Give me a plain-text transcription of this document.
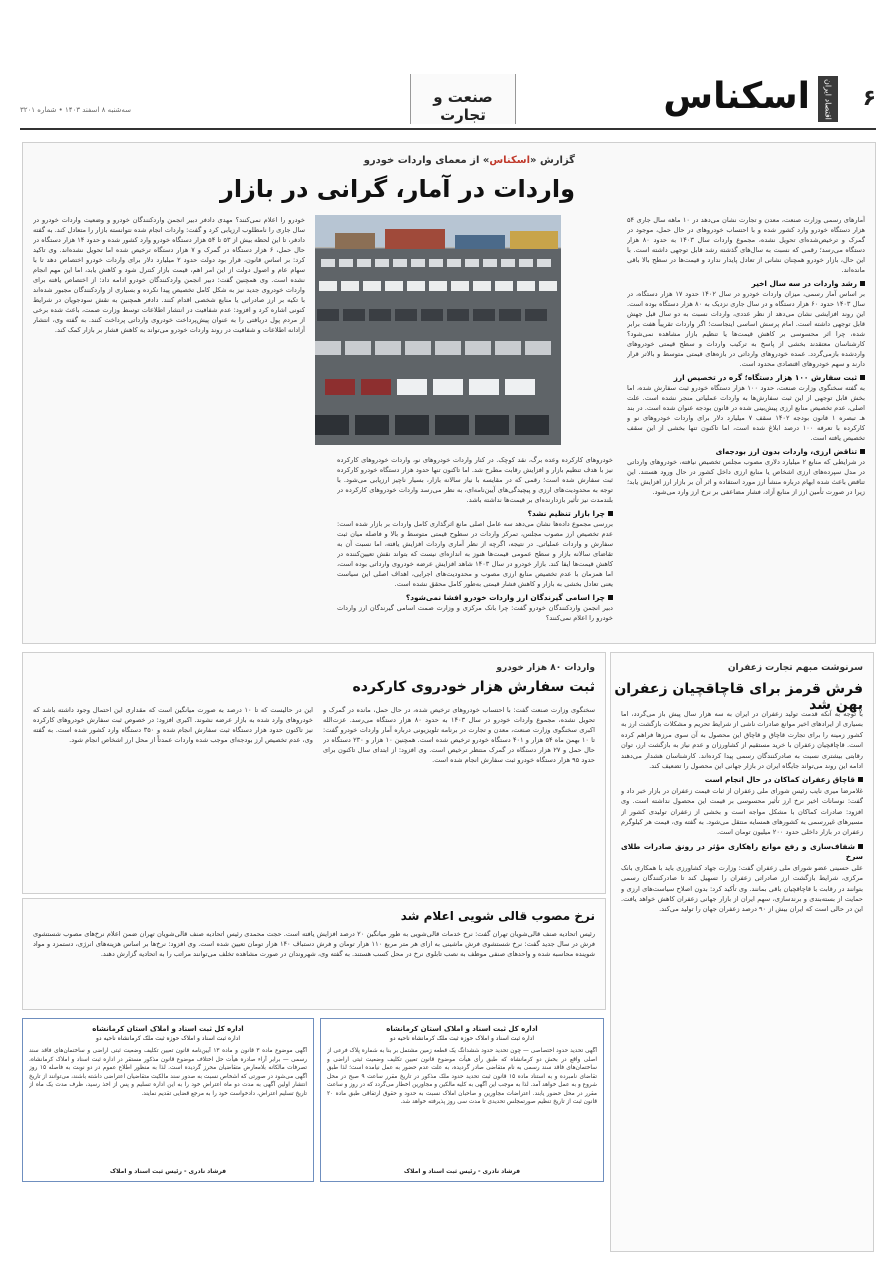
۶
اقتصاد ایران
اسکناس
صنعت و تجارت
سه‌شنبه ۸ اسفند ۱۴۰۳ • شماره ۳۲۰۱
گزارش «اسکناس» از معمای واردات خودرو
واردات در آمار، گرانی در بازار
آمارهای رسمی وزارت صنعت، معدن و تجارت نشان می‌دهد در ۱۰ ماهه سال جاری ۵۴ هزار دستگاه خودرو وارد کشور شده و با احتساب خودروهای در حال حمل، موجود در گمرک و ترخیص‌شده‌ای تحویل نشده، مجموع واردات سال ۱۴۰۳ به حدود ۸۰ هزار دستگاه می‌رسد؛ رقمی که نسبت به سال‌های گذشته رشد قابل توجهی داشته است. با این حال، بازار خودرو همچنان نشانی از تعادل پایدار ندارد و قیمت‌ها در سطح بالا باقی مانده‌اند.
رشد واردات در سه سال اخیر
بر اساس آمار رسمی، میزان واردات خودرو در سال ۱۴۰۲ حدود ۱۷ هزار دستگاه، در سال ۱۴۰۳ حدود ۶۰ هزار دستگاه و در سال جاری نزدیک به ۸۰ هزار دستگاه بوده است. این روند افزایشی نشان می‌دهد از نظر عددی، واردات نسبت به دو سال قبل جهش قابل توجهی داشته است. امام پرسش اساسی اینجاست؛ اگر واردات تقریباً هفت برابر شده، چرا اثر محسوسی بر کاهش قیمت‌ها یا تنظیم بازار مشاهده نمی‌شود؟ کارشناسان معتقدند بخشی از پاسخ به ترکیب واردات و سطح قیمتی خودروهای واردشده بازمی‌گردد. عمده خودروهای وارداتی در بازه‌های قیمتی متوسط و بالاتر قرار دارند و سهم خودروهای اقتصادی محدود است.
ثبت سفارش ۱۰۰ هزار دستگاه؛ گره در تخصیص ارز
به گفته سخنگوی وزارت صنعت، حدود ۱۰۰ هزار دستگاه خودرو ثبت سفارش شده، اما بخش قابل توجهی از این ثبت سفارش‌ها به واردات عملیاتی منجر نشده است. علت اصلی، عدم تخصیص منابع ارزی پیش‌بینی شده در قانون بودجه عنوان شده است. در بند هـ تبصره ۱ قانون بودجه ۱۴۰۲ سقف ۷ میلیارد دلار برای واردات خودروهای نو و کارکرده با تعرفه ۱۰۰ درصد ابلاغ شده است، اما تاکنون تنها بخشی از این سقف تخصیص یافته است.
تناقض ارزی، واردات بدون ارز بودجه‌ای
در شرایطی که منابع ۲ میلیارد دلاری مصوب مجلس تخصیص نیافته، خودروهای وارداتی در مدل سپرده‌های ارزی اشخاص یا منابع ارزی داخل کشور در حال ورود هستند. این تناقض باعث شده ابهام درباره منشأ ارز مورد استفاده و اثر آن بر بازار ارز افزایش یابد؛ زیرا در صورت تأمین ارز از منابع آزاد، فشار مضاعفی بر نرخ ارز وارد می‌شود.
خودروهای کارکرده وعده برگ، نقد کوچک. در کنار واردات خودروهای نو، واردات خودروهای کارکرده نیز با هدف تنظیم بازار و افزایش رقابت مطرح شد. اما تاکنون تنها حدود هزار دستگاه خودرو کارکرده ثبت سفارش شده است؛ رقمی که در مقایسه با نیاز سالانه بازار، بسیار ناچیز ارزیابی می‌شود. با توجه به محدودیت‌های ارزی و پیچیدگی‌های آیین‌نامه‌ای، به نظر می‌رسد واردات خودروهای کارکرده در بلندمدت نیز تأثیر بازدارنده‌ای بر قیمت‌ها نداشته باشد.
چرا بازار تنظیم نشد؟
بررسی مجموع داده‌ها نشان می‌دهد سه عامل اصلی مانع اثرگذاری کامل واردات بر بازار شده است: عدم تخصیص ارز مصوب مجلس، تمرکز واردات در سطوح قیمتی متوسط و بالا و فاصله میان ثبت سفارش و واردات عملیاتی. در نتیجه، اگرچه از نظر آماری واردات افزایش یافته، اما نسبت آن به تقاضای سالانه بازار و سطح عمومی قیمت‌ها هنوز به اندازه‌ای نیست که بتواند نقش تعیین‌کننده در کاهش قیمت‌ها ایفا کند. بازار خودرو در سال ۱۴۰۳ شاهد افزایش عرضه خودروی وارداتی بوده است، اما همزمان با عدم تخصیص منابع ارزی مصوب و محدودیت‌های اجرایی، اهداف اصلی این سیاست یعنی تعادل بخشی به بازار و کاهش فشار قیمتی به‌طور کامل محقق نشده است.
چرا اسامی گیرندگان ارز واردات خودرو افشا نمی‌شود؟
دبیر انجمن واردکنندگان خودرو گفت: چرا بانک مرکزی و وزارت صمت اسامی گیرندگان ارز واردات خودرو را اعلام نمی‌کنند؟
خودرو را اعلام نمی‌کنند؟ مهدی دادفر دبیر انجمن واردکنندگان خودرو و وضعیت واردات خودرو در سال جاری را نامطلوب ارزیابی کرد و گفت: واردات انجام شده نتوانسته بازار را متعادل کند. به گفته دادفر، تا این لحظه بیش از ۵۳ تا ۵۴ هزار دستگاه خودرو وارد کشور شده و حدود ۱۴ هزار دستگاه در حال حمل، ۶ هزار دستگاه در گمرک و ۷ هزار دستگاه ترخیص شده اما تحویل نشده‌اند. وی تاکید کرد: بر اساس قانون، قرار بود دولت حدود ۲ میلیارد دلار برای واردات خودرو اختصاص دهد تا با سهام عام و اصول دولت از این امر اهم، قیمت بازار کنترل شود و کاهش یابد، اما این مهم انجام نشده است. وی همچنین گفت: دبیر انجمن واردکنندگان خودرو ادامه داد: از اختصاص یافته برای واردات خودروی جدید نیز به شکل کامل تخصیص پیدا نکرده و بسیاری از واردکنندگان مجبور شده‌اند با تکیه بر ارز صادراتی یا منابع شخصی اقدام کنند. دادفر همچنین به نقش سودجویان در شرایط کنونی اشاره کرد و افزود: عدم شفافیت در انتشار اطلاعات توسط وزارت صمت، باعث شده برخی از مردم پول دریافتی را به عنوان پیش‌پرداخت خودروی وارداتی پرداخت کنند. به گفته وی، انتشار آزادانه اطلاعات و شفافیت در روند واردات خودرو می‌تواند به کاهش فشار بر بازار کمک کند.
سرنوشت مبهم تجارت زعفران
فرش قرمز برای قاچاقچیان زعفران پهن شد
با توجه به آنکه قدمت تولید زعفران در ایران به سه هزار سال پیش باز می‌گردد، اما بسیاری از ایرادهای اخیر موانع صادرات ناشی از شرایط تحریم و مشکلات بازگشت ارز به کشور زمینه را برای تجارت قاچاق و قاچاق این محصول به آن سوی مرزها فراهم کرده است. قاچاقچیان زعفران با خرید مستقیم از کشاورزان و عدم نیاز به بازگشت ارز، توان رقابتی بیشتری نسبت به صادرکنندگان رسمی پیدا کرده‌اند. کارشناسان هشدار می‌دهند ادامه این روند می‌تواند جایگاه ایران در بازار جهانی این محصول را تضعیف کند.
قاچاق زعفران کماکان در حال انجام است
غلامرضا میری نایب رئیس شورای ملی زعفران از ثبات قیمت زعفران در بازار خبر داد و گفت: نوسانات اخیر نرخ ارز تأثیر محسوسی بر قیمت این محصول نداشته است. وی افزود: صادرات کماکان با مشکل مواجه است و بخشی از زعفران تولیدی کشور از مسیرهای غیررسمی به کشورهای همسایه منتقل می‌شود. به گفته وی، قیمت هر کیلوگرم زعفران در بازار داخلی حدود ۲۰۰ میلیون تومان است.
شفاف‌سازی و رفع موانع راهکاری مؤثر در رونق صادرات طلای سرخ
علی حسینی عضو شورای ملی زعفران گفت: وزارت جهاد کشاورزی باید با همکاری بانک مرکزی، شرایط بازگشت ارز صادراتی زعفران را تسهیل کند تا صادرکنندگان رسمی بتوانند در رقابت با قاچاقچیان باقی بمانند. وی تأکید کرد: بدون اصلاح سیاست‌های ارزی و حمایت از بسته‌بندی و برندسازی، سهم ایران از بازار جهانی زعفران کاهش خواهد یافت. این در حالی است که ایران بیش از ۹۰ درصد زعفران جهان را تولید می‌کند.
واردات ۸۰ هزار خودرو
ثبت سفارش هزار خودروی کارکرده
سخنگوی وزارت صنعت گفت: با احتساب خودروهای ترخیص شده، در حال حمل، مانده در گمرک و تحویل نشده، مجموع واردات خودرو در سال ۱۴۰۳ به حدود ۸۰ هزار دستگاه می‌رسد. عزت‌الله اکبری سخنگوی وزارت صنعت، معدن و تجارت در برنامه تلویزیونی درباره آمار واردات خودرو گفت: تا ۱۰ بهمن ماه ۵۴ هزار و ۴۰۱ دستگاه خودرو ترخیص شده است. همچنین ۱۰ هزار و ۲۳۰ دستگاه در حال حمل و ۲۷ هزار دستگاه در گمرک منتظر ترخیص است. وی افزود: از ابتدای سال تاکنون برای حدود ۹۵ هزار دستگاه خودرو ثبت سفارش انجام شده است.
این در حالیست که تا ۱۰ درصد به صورت میانگین است که مقداری این احتمال وجود داشته باشد که خودروهای وارد شده به بازار عرضه نشوند. اکبری افزود: در خصوص ثبت سفارش خودروهای کارکرده نیز تاکنون حدود هزار دستگاه ثبت سفارش انجام شده و ۳۵۰ دستگاه وارد کشور شده است. به گفته وی، عدم تخصیص ارز بودجه‌ای موجب شده واردات عمدتاً از محل ارز اشخاص انجام شود.
نرخ مصوب قالی شویی اعلام شد
رئیس اتحادیه صنف قالی‌شویان تهران گفت: نرخ خدمات قالی‌شویی به طور میانگین ۲۰ درصد افزایش یافته است. حجت محمدی رئیس اتحادیه صنف قالی‌شویان تهران ضمن اعلام نرخ‌های مصوب شستشوی فرش در سال جدید گفت: نرخ شستشوی فرش ماشینی به ازای هر متر مربع ۱۱۰ هزار تومان و فرش دستباف ۱۴۰ هزار تومان تعیین شده است. وی افزود: نرخ‌ها بر اساس هزینه‌های انرژی، دستمزد و مواد شوینده محاسبه شده و واحدهای صنفی موظف به نصب تابلوی نرخ در محل کسب هستند. به گفته وی، شهروندان در صورت مشاهده تخلف می‌توانند مراتب را به اتحادیه گزارش دهند.
اداره کل ثبت اسناد و املاک استان کرمانشاه
اداره ثبت اسناد و املاک حوزه ثبت ملک کرمانشاه ناحیه دو
آگهی تحدید حدود اختصاصی — چون تحدید حدود ششدانگ یک قطعه زمین مشتمل بر بنا به شماره پلاک فرعی از اصلی واقع در بخش دو کرمانشاه که طبق رأی هیأت موضوع قانون تعیین تکلیف وضعیت ثبتی اراضی و ساختمان‌های فاقد سند رسمی به نام متقاضی صادر گردیده، به علت عدم حضور به عمل نیامده است؛ لذا طبق تقاضای نامبرده و به استناد ماده ۱۵ قانون ثبت تحدید حدود ملک مذکور در تاریخ مقرر ساعت ۹ صبح در محل شروع و به عمل خواهد آمد. لذا به موجب این آگهی به کلیه مالکین و مجاورین اخطار می‌گردد که در روز و ساعت مقرر در محل حضور یابند. اعتراضات مجاورین و صاحبان املاک نسبت به حدود و حقوق ارتفاقی طبق ماده ۲۰ قانون ثبت از تاریخ تنظیم صورتمجلس تحدیدی تا مدت سی روز پذیرفته خواهد شد.
فرشاد نادری - رئیس ثبت اسناد و املاک
اداره کل ثبت اسناد و املاک استان کرمانشاه
اداره ثبت اسناد و املاک حوزه ثبت ملک کرمانشاه ناحیه دو
آگهی موضوع ماده ۳ قانون و ماده ۱۳ آیین‌نامه قانون تعیین تکلیف وضعیت ثبتی اراضی و ساختمان‌های فاقد سند رسمی — برابر آراء صادره هیأت حل اختلاف موضوع قانون مذکور مستقر در اداره ثبت اسناد و املاک کرمانشاه، تصرفات مالکانه بلامعارض متقاضیان محرز گردیده است. لذا به منظور اطلاع عموم در دو نوبت به فاصله ۱۵ روز آگهی می‌شود در صورتی که اشخاص نسبت به صدور سند مالکیت متقاضیان اعتراضی داشته باشند، می‌توانند از تاریخ انتشار اولین آگهی به مدت دو ماه اعتراض خود را به این اداره تسلیم و پس از اخذ رسید، ظرف مدت یک ماه از تاریخ تسلیم اعتراض، دادخواست خود را به مرجع قضایی تقدیم نمایند.
فرشاد نادری - رئیس ثبت اسناد و املاک
